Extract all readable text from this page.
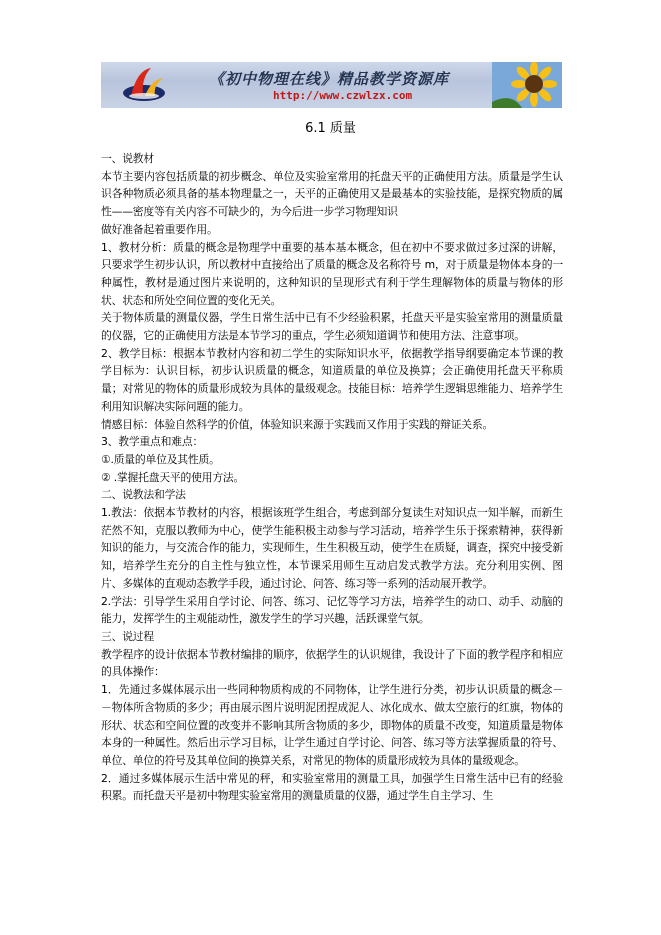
《初中物理在线》精品教学资源库
http://www.czwlzx.com
6.1 质量

一、说教材

本节主要内容包括质量的初步概念、单位及实验室常用的托盘天平的正确使用方法。质量是学生认识各种物质必须具备的基本物理量之一，天平的正确使用又是最基本的实验技能，是探究物质的属性——密度等有关内容不可缺少的，为今后进一步学习物理知识

做好准备起着重要作用。

1、教材分析：质量的概念是物理学中重要的基本基本概念，但在初中不要求做过多过深的讲解，只要求学生初步认识，所以教材中直接给出了质量的概念及名称符号 m，对于质量是物体本身的一种属性，教材是通过图片来说明的，这种知识的呈现形式有利于学生理解物体的质量与物体的形状、状态和所处空间位置的变化无关。

关于物体质量的测量仪器，学生日常生活中已有不少经验积累，托盘天平是实验室常用的测量质量的仪器，它的正确使用方法是本节学习的重点，学生必须知道调节和使用方法、注意事项。

2、教学目标：根据本节教材内容和初二学生的实际知识水平，依据教学指导纲要确定本节课的教学目标为：认识目标，初步认识质量的概念，知道质量的单位及换算；会正确使用托盘天平称质量；对常见的物体的质量形成较为具体的量级观念。技能目标：培养学生逻辑思维能力、培养学生利用知识解决实际问题的能力。

情感目标：体验自然科学的价值，体验知识来源于实践而又作用于实践的辩证关系。

3、教学重点和难点：

①.质量的单位及其性质。

② .掌握托盘天平的使用方法。

二、说教法和学法

1.教法：依据本节教材的内容，根据该班学生组合，考虑到部分复读生对知识点一知半解，而新生茫然不知，克服以教师为中心，使学生能积极主动参与学习活动，培养学生乐于探索精神，获得新知识的能力，与交流合作的能力，实现师生，生生积极互动，使学生在质疑，调查，探究中接受新知，培养学生充分的自主性与独立性，本节课采用师生互动启发式教学方法。充分利用实例、图片、多媒体的直观动态教学手段，通过讨论、问答、练习等一系列的活动展开教学。

2.学法：引导学生采用自学讨论、问答、练习、记忆等学习方法，培养学生的动口、动手、动脑的能力，发挥学生的主观能动性，激发学生的学习兴趣，活跃课堂气氛。

三、说过程

教学程序的设计依据本节教材编排的顺序，依据学生的认识规律，我设计了下面的教学程序和相应的具体操作：

1．先通过多媒体展示出一些同种物质构成的不同物体，让学生进行分类，初步认识质量的概念－－物体所含物质的多少；再由展示图片说明泥团捏成泥人、冰化成水、做太空旅行的红旗，物体的形状、状态和空间位置的改变并不影响其所含物质的多少，即物体的质量不改变，知道质量是物体本身的一种属性。然后出示学习目标，让学生通过自学讨论、问答、练习等方法掌握质量的符号、单位、单位的符号及其单位间的换算关系，对常见的物体的质量形成较为具体的量级观念。

2．通过多媒体展示生活中常见的秤，和实验室常用的测量工具，加强学生日常生活中已有的经验积累。而托盘天平是初中物理实验室常用的测量质量的仪器，通过学生自主学习、生
